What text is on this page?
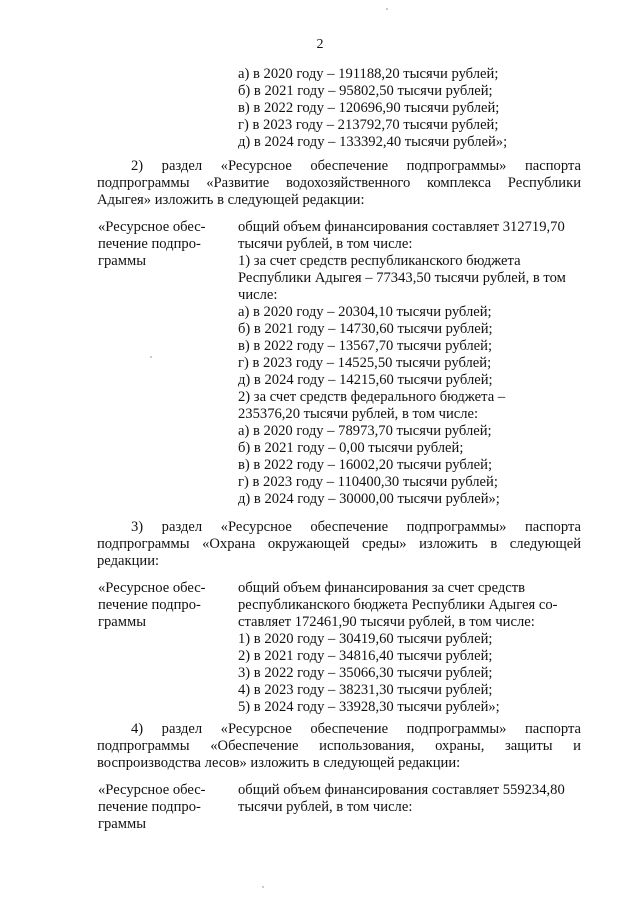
2
а) в 2020 году – 191188,20 тысячи рублей;
б) в 2021 году – 95802,50 тысячи рублей;
в) в 2022 году – 120696,90 тысячи рублей;
г) в 2023 году – 213792,70 тысячи рублей;
д) в 2024 году – 133392,40 тысячи рублей»;
2) раздел «Ресурсное обеспечение подпрограммы» паспорта
подпрограммы «Развитие водохозяйственного комплекса Республики
Адыгея» изложить в следующей редакции:
«Ресурсное обес-
печение подпро-
граммы
общий объем финансирования составляет 312719,70
тысячи рублей, в том числе:
1) за счет средств республиканского бюджета
Республики Адыгея – 77343,50 тысячи рублей, в том
числе:
а) в 2020 году – 20304,10 тысячи рублей;
б) в 2021 году – 14730,60 тысячи рублей;
в) в 2022 году – 13567,70 тысячи рублей;
г) в 2023 году – 14525,50 тысячи рублей;
д) в 2024 году – 14215,60 тысячи рублей;
2) за счет средств федерального бюджета –
235376,20 тысячи рублей, в том числе:
а) в 2020 году – 78973,70 тысячи рублей;
б) в 2021 году – 0,00 тысячи рублей;
в) в 2022 году – 16002,20 тысячи рублей;
г) в 2023 году – 110400,30 тысячи рублей;
д) в 2024 году – 30000,00 тысячи рублей»;
3) раздел «Ресурсное обеспечение подпрограммы» паспорта
подпрограммы «Охрана окружающей среды» изложить в следующей
редакции:
«Ресурсное обес-
печение подпро-
граммы
общий объем финансирования за счет средств
республиканского бюджета Республики Адыгея со-
ставляет 172461,90 тысячи рублей, в том числе:
1) в 2020 году – 30419,60 тысячи рублей;
2) в 2021 году – 34816,40 тысячи рублей;
3) в 2022 году – 35066,30 тысячи рублей;
4) в 2023 году – 38231,30 тысячи рублей;
5) в 2024 году – 33928,30 тысячи рублей»;
4) раздел «Ресурсное обеспечение подпрограммы» паспорта
подпрограммы «Обеспечение использования, охраны, защиты и
воспроизводства лесов» изложить в следующей редакции:
«Ресурсное обес-
печение подпро-
граммы
общий объем финансирования составляет 559234,80
тысячи рублей, в том числе:
